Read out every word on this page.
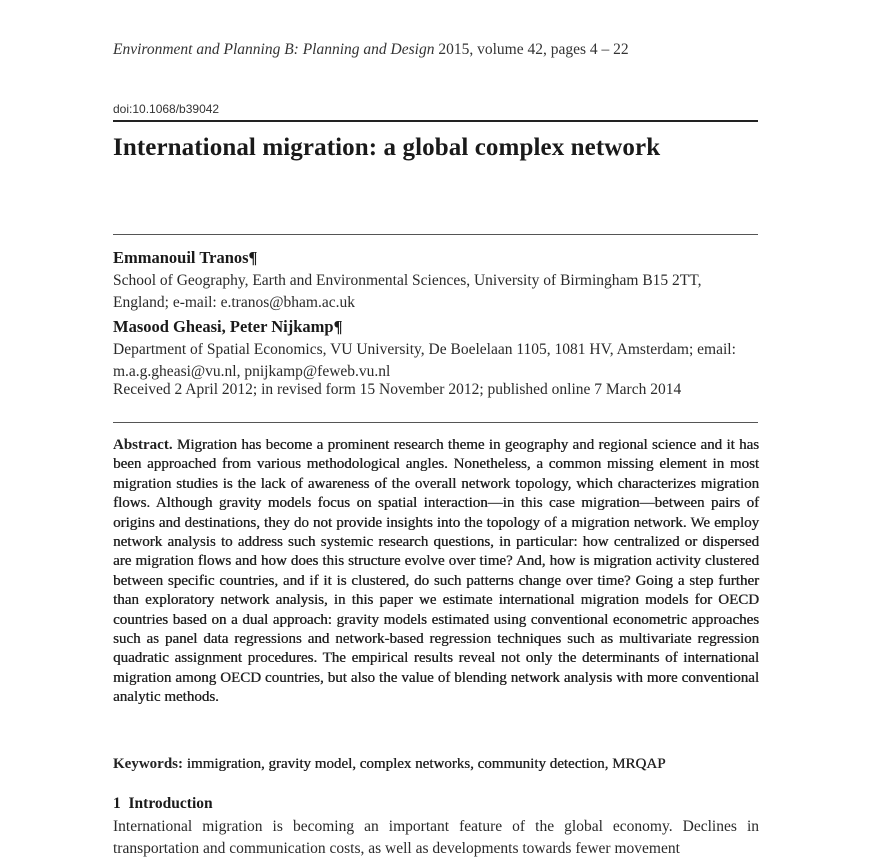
Environment and Planning B: Planning and Design 2015, volume 42, pages 4 – 22
doi:10.1068/b39042
International migration: a global complex network
Emmanouil Tranos¶
School of Geography, Earth and Environmental Sciences, University of Birmingham B15 2TT, England; e-mail: e.tranos@bham.ac.uk
Masood Gheasi, Peter Nijkamp¶
Department of Spatial Economics, VU University, De Boelelaan 1105, 1081 HV, Amsterdam; email: m.a.g.gheasi@vu.nl, pnijkamp@feweb.vu.nl
Received 2 April 2012; in revised form 15 November 2012; published online 7 March 2014
Abstract. Migration has become a prominent research theme in geography and regional science and it has been approached from various methodological angles. Nonetheless, a common missing element in most migration studies is the lack of awareness of the overall network topology, which characterizes migration flows. Although gravity models focus on spatial interaction—in this case migration—between pairs of origins and destinations, they do not provide insights into the topology of a migration network. We employ network analysis to address such systemic research questions, in particular: how centralized or dispersed are migration flows and how does this structure evolve over time? And, how is migration activity clustered between specific countries, and if it is clustered, do such patterns change over time? Going a step further than exploratory network analysis, in this paper we estimate international migration models for OECD countries based on a dual approach: gravity models estimated using conventional econometric approaches such as panel data regressions and network-based regression techniques such as multivariate regression quadratic assignment procedures. The empirical results reveal not only the determinants of international migration among OECD countries, but also the value of blending network analysis with more conventional analytic methods.
Keywords: immigration, gravity model, complex networks, community detection, MRQAP
1 Introduction
International migration is becoming an important feature of the global economy. Declines in transportation and communication costs, as well as developments towards fewer movement
